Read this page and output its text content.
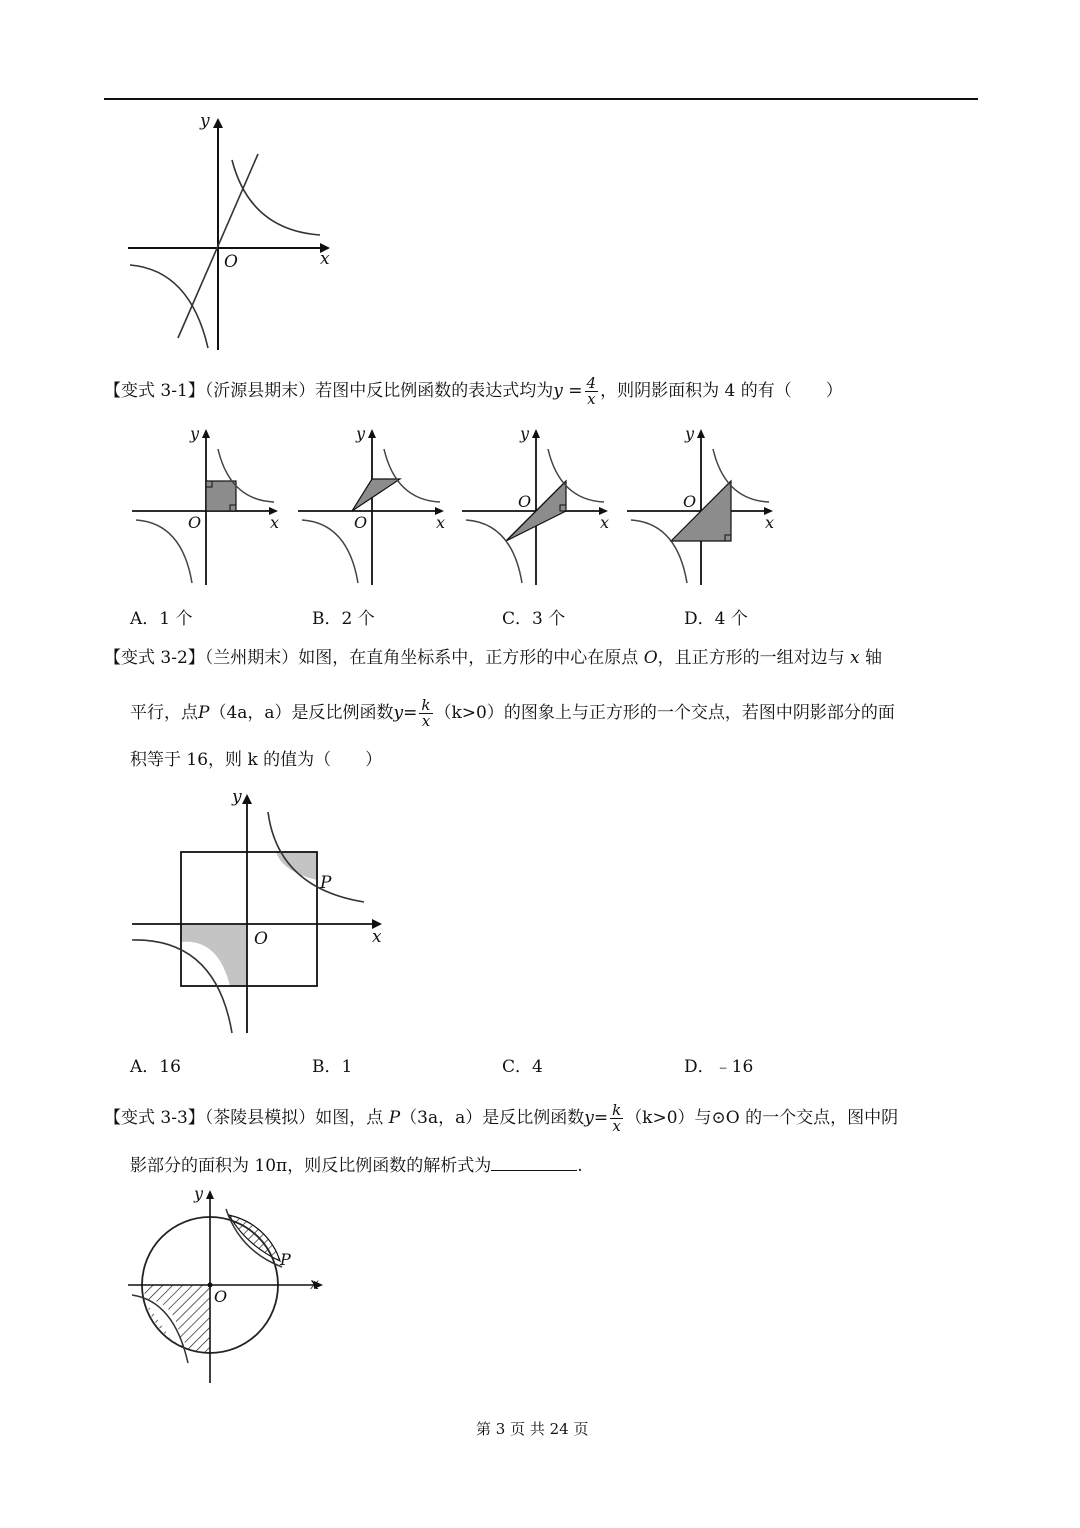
y
x
O
【变式 3-1】（沂源县期末）若图中反比例函数的表达式均为$y = \frac{4}{x}$ ，则阴影面积为 4 的有（　　）
y
x
O
y
x
O
y
x
O
y
x
O
A．1 个	B．2 个	C．3 个	D．4 个
【变式 3-2】（兰州期末）如图，在直角坐标系中，正方形的中心在原点 O，且正方形的一组对边与 x 轴
平行，点P（4a，a）是反比例函数$y= \frac{k}{x} (k>0)$的图象上与正方形的一个交点，若图中阴影部分的面
积等于 16，则 k 的值为（　　）
y
x
O
P
A．16	B．1	C．4	D．﹣16
【变式 3-3】（茶陵县模拟）如图，点 P（3a，a）是反比例函数$y= \frac{k}{x} (k>0)$与⊙O 的一个交点，图中阴
影部分的面积为 10π，则反比例函数的解析式为	.
y
x
O
P
第 3 页 共 24 页
